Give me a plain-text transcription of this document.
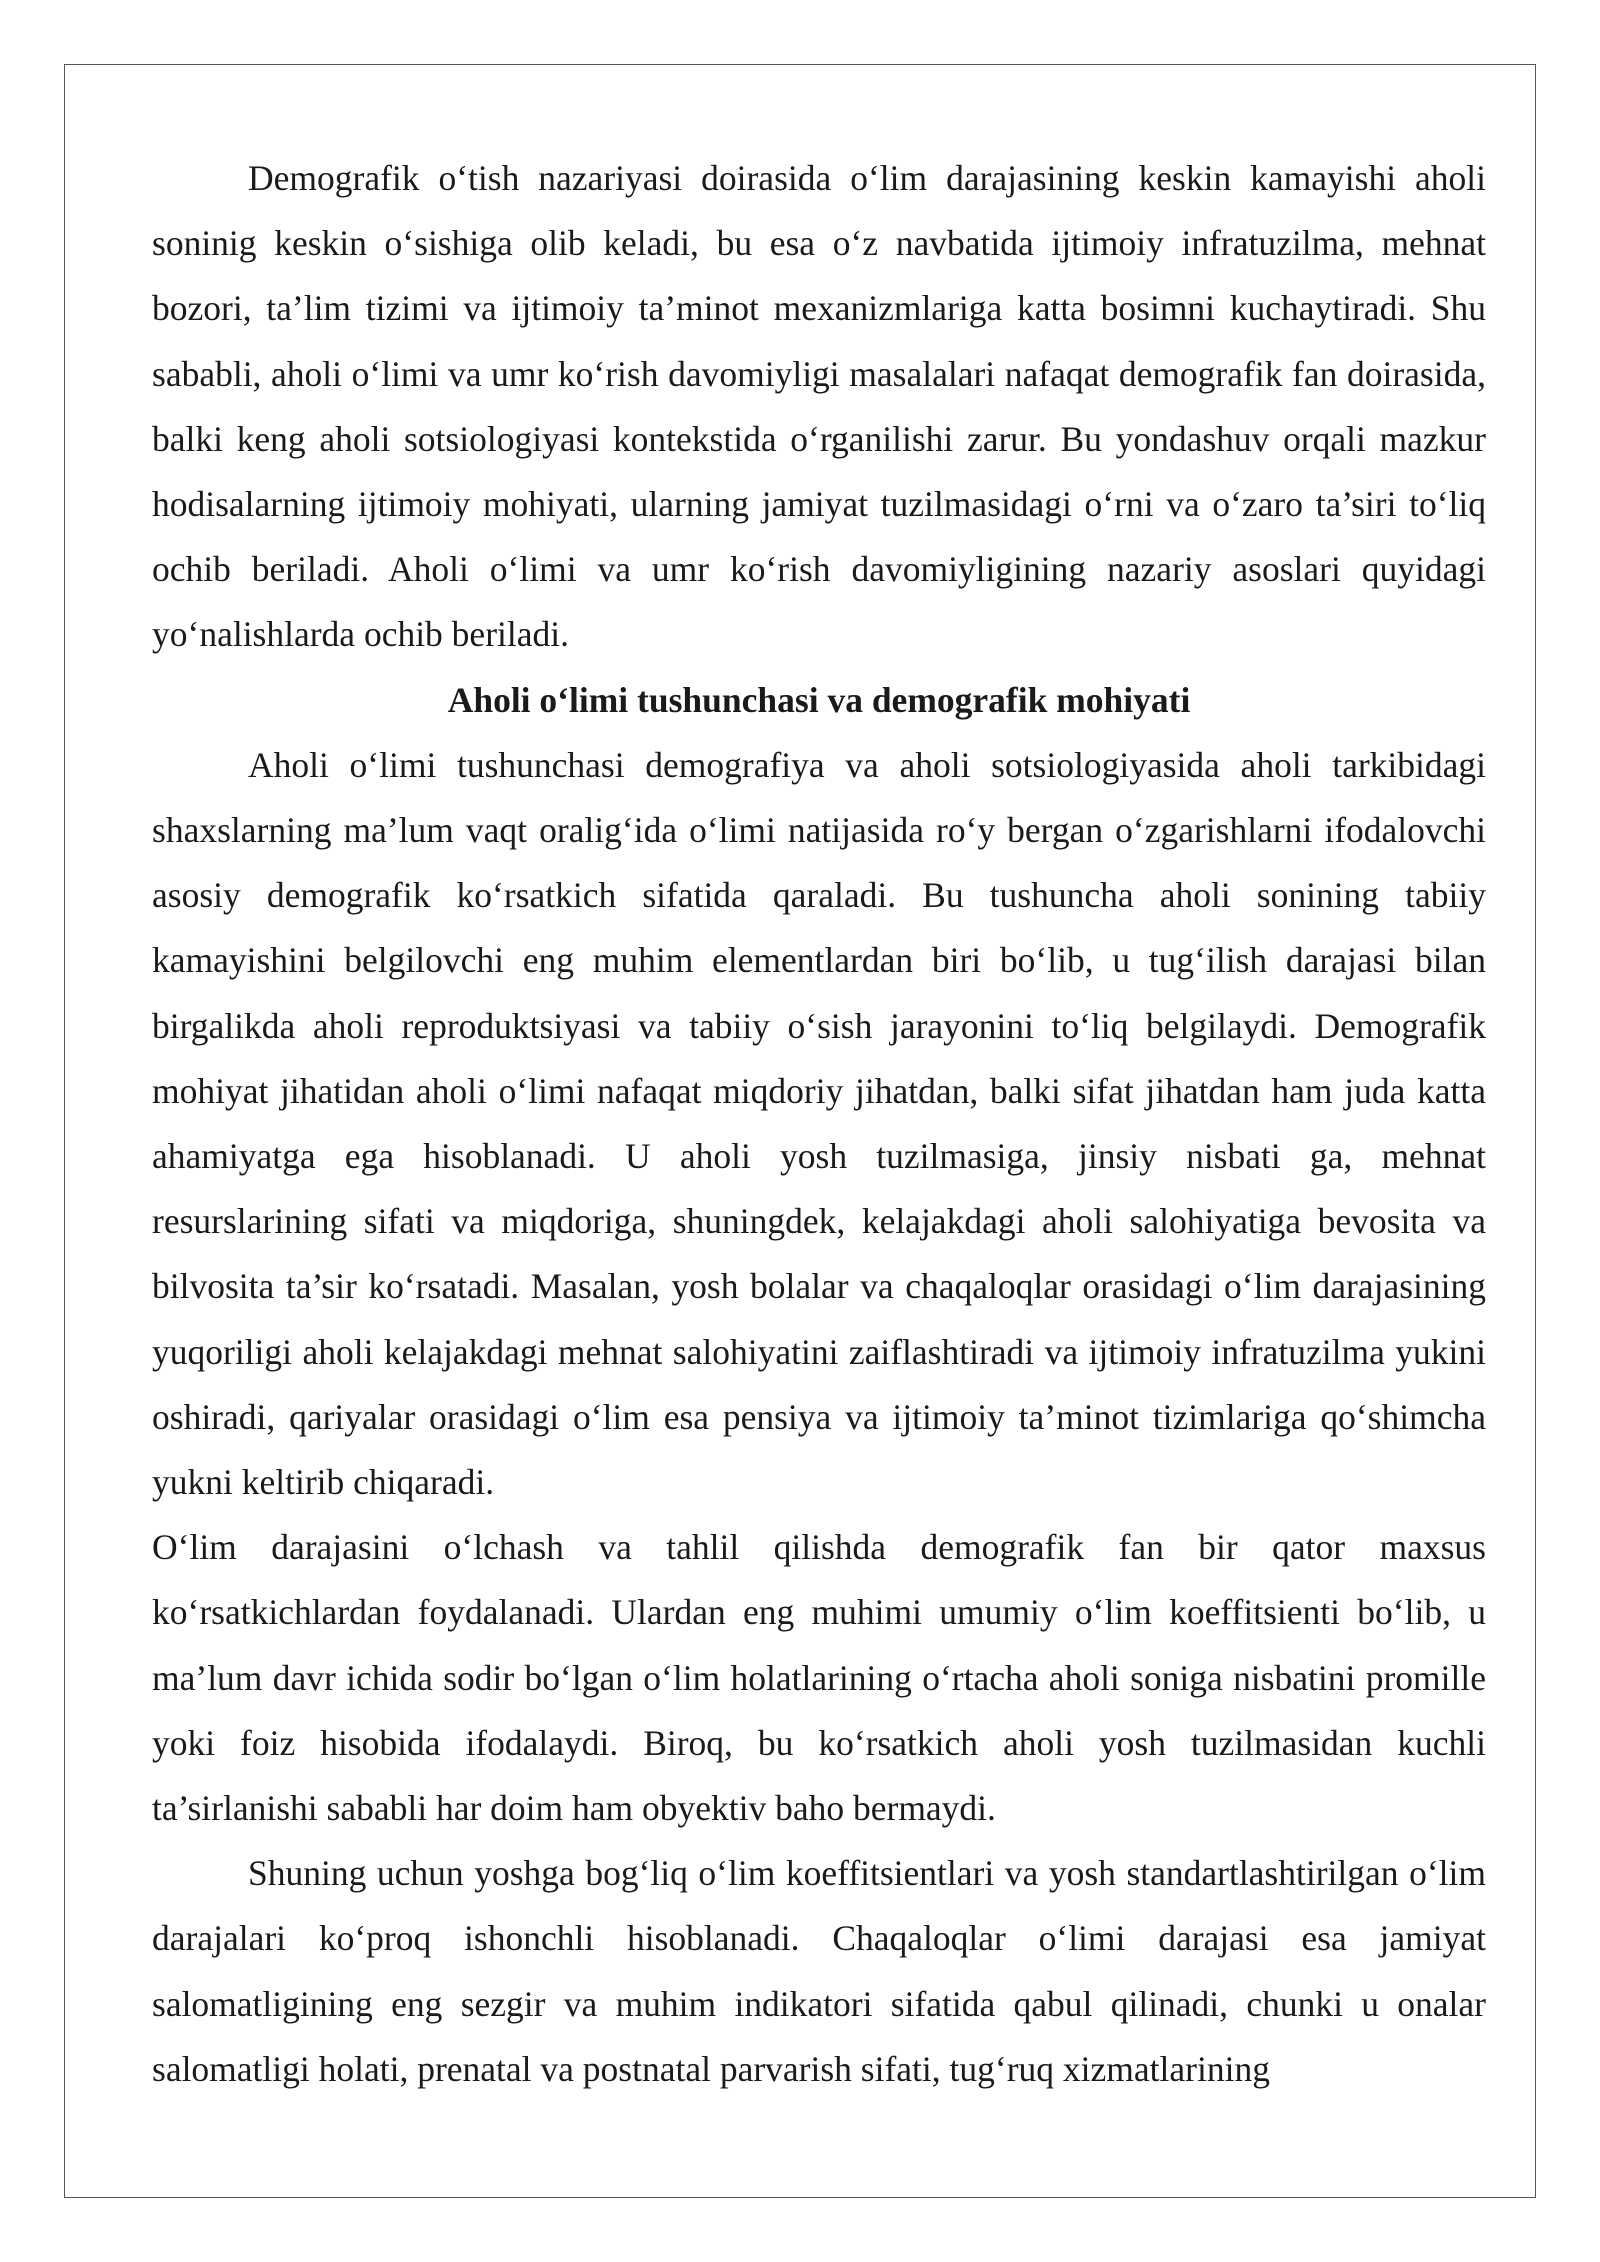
Demografik o‘tish nazariyasi doirasida o‘lim darajasining keskin kamayishi aholi soninig keskin o‘sishiga olib keladi, bu esa o‘z navbatida ijtimoiy infratuzilma, mehnat bozori, ta’lim tizimi va ijtimoiy ta’minot mexanizmlariga katta bosimni kuchaytiradi. Shu sababli, aholi o‘limi va umr ko‘rish davomiyligi masalalari nafaqat demografik fan doirasida, balki keng aholi sotsiologiyasi kontekstida o‘rganilishi zarur. Bu yondashuv orqali mazkur hodisalarning ijtimoiy mohiyati, ularning jamiyat tuzilmasidagi o‘rni va o‘zaro ta’siri to‘liq ochib beriladi. Aholi o‘limi va umr ko‘rish davomiyligining nazariy asoslari quyidagi yo‘nalishlarda ochib beriladi.

Aholi o‘limi tushunchasi va demografik mohiyati

Aholi o‘limi tushunchasi demografiya va aholi sotsiologiyasida aholi tarkibidagi shaxslarning ma’lum vaqt oralig‘ida o‘limi natijasida ro‘y bergan o‘zgarishlarni ifodalovchi asosiy demografik ko‘rsatkich sifatida qaraladi. Bu tushuncha aholi sonining tabiiy kamayishini belgilovchi eng muhim elementlardan biri bo‘lib, u tug‘ilish darajasi bilan birgalikda aholi reproduktsiyasi va tabiiy o‘sish jarayonini to‘liq belgilaydi. Demografik mohiyat jihatidan aholi o‘limi nafaqat miqdoriy jihatdan, balki sifat jihatdan ham juda katta ahamiyatga ega hisoblanadi. U aholi yosh tuzilmasiga, jinsiy nisbati ga, mehnat resurslarining sifati va miqdoriga, shuningdek, kelajakdagi aholi salohiyatiga bevosita va bilvosita ta’sir ko‘rsatadi. Masalan, yosh bolalar va chaqaloqlar orasidagi o‘lim darajasining yuqoriligi aholi kelajakdagi mehnat salohiyatini zaiflashtiradi va ijtimoiy infratuzilma yukini oshiradi, qariyalar orasidagi o‘lim esa pensiya va ijtimoiy ta’minot tizimlariga qo‘shimcha yukni keltirib chiqaradi.

O‘lim darajasini o‘lchash va tahlil qilishda demografik fan bir qator maxsus ko‘rsatkichlardan foydalanadi. Ulardan eng muhimi umumiy o‘lim koeffitsienti bo‘lib, u ma’lum davr ichida sodir bo‘lgan o‘lim holatlarining o‘rtacha aholi soniga nisbatini promille yoki foiz hisobida ifodalaydi. Biroq, bu ko‘rsatkich aholi yosh tuzilmasidan kuchli ta’sirlanishi sababli har doim ham obyektiv baho bermaydi.

Shuning uchun yoshga bog‘liq o‘lim koeffitsientlari va yosh standartlashtirilgan o‘lim darajalari ko‘proq ishonchli hisoblanadi. Chaqaloqlar o‘limi darajasi esa jamiyat salomatligining eng sezgir va muhim indikatori sifatida qabul qilinadi, chunki u onalar salomatligi holati, prenatal va postnatal parvarish sifati, tug‘ruq xizmatlarining
